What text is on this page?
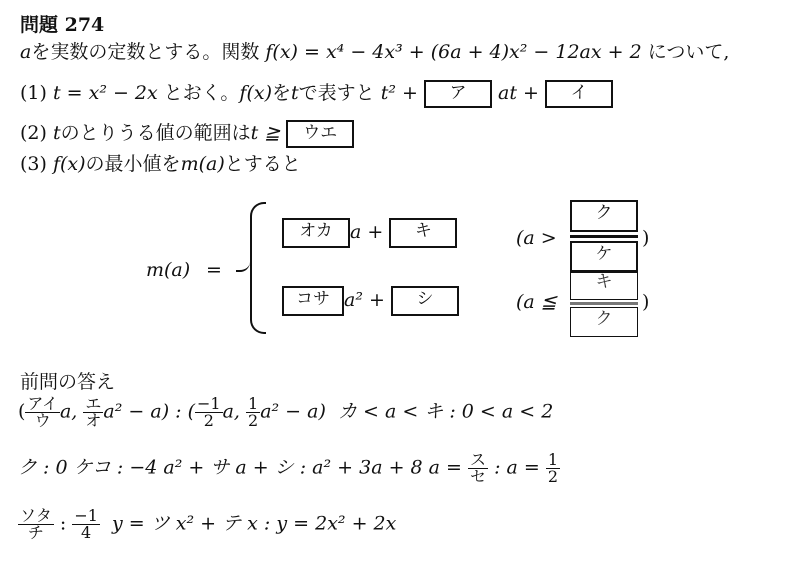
問題 274
aを実数の定数とする。関数 f(x) = x⁴ − 4x³ + (6a + 4)x² − 12ax + 2 について,
(1) t = x² − 2x とおく。f(x)をtで表すと t² + ア at + イ
(2) tのとりうる値の範囲はt ≧ ウエ
(3) f(x)の最小値をm(a)とすると
m(a) =
オカ a + キ	(a >
ク
ケ
)
コサ a² + シ	(a ≦
キ
ク
)
前問の答え
( $\frac{\text{アイ}}{\text{ウ}} a$, $\frac{\text{エ}}{\text{オ}} a^2 - a$) : ( $\frac{-1}{2} a$, $\frac{1}{2} a^2 - a$) カ < a < キ : 0 < a < 2
ク : 0 ケコ : −4 a² + サ a + シ : a² + 3a + 8 $a = \frac{\text{ス}}{\text{セ}}$ : $a = \frac{1}{2}$
$\frac{\text{ソタ}}{\text{チ}}$ : $\frac{-1}{4}$ y = ツ x² + テ x : y = 2x² + 2x
